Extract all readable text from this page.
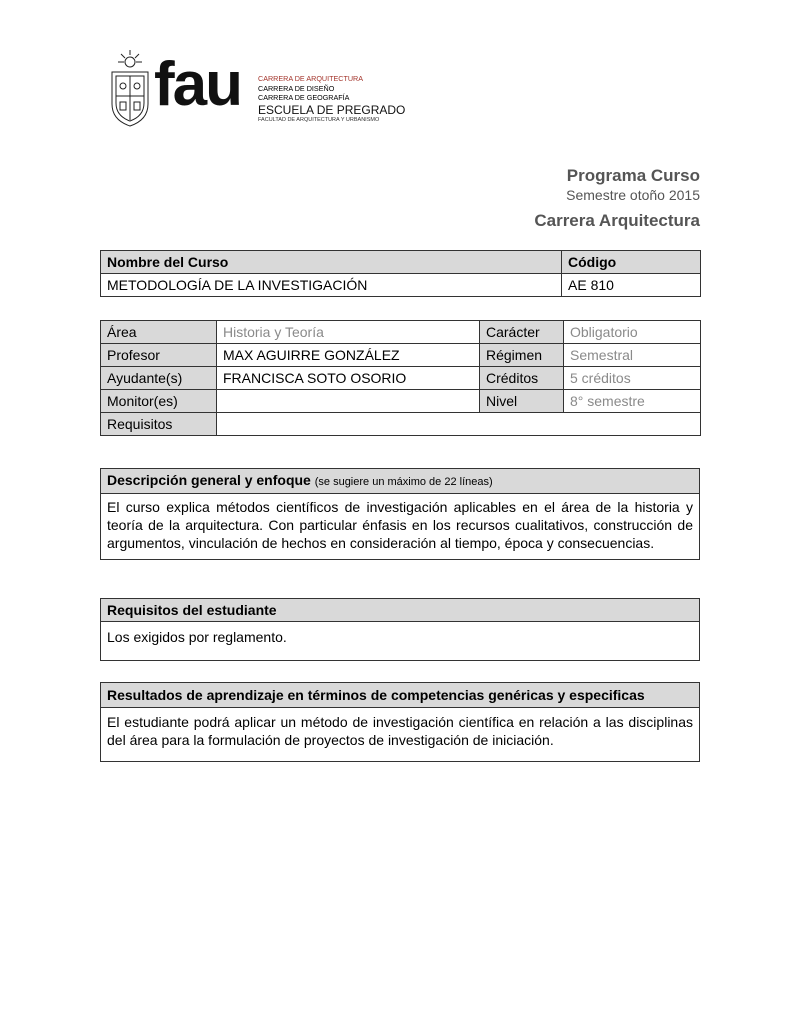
fau CARRERA DE ARQUITECTURA
CARRERA DE DISEÑO
CARRERA DE GEOGRAFÍA
ESCUELA DE PREGRADO
FACULTAD DE ARQUITECTURA Y URBANISMO
Programa Curso
Semestre otoño 2015
Carrera Arquitectura
Nombre del Curso	Código
METODOLOGÍA DE LA INVESTIGACIÓN	AE 810
Área	Historia y Teoría	Carácter	Obligatorio
Profesor	MAX AGUIRRE GONZÁLEZ	Régimen	Semestral
Ayudante(s)	FRANCISCA SOTO OSORIO	Créditos	5 créditos
Monitor(es)		Nivel	8° semestre
Requisitos			
Descripción general y enfoque (se sugiere un máximo de 22 líneas)
El curso explica métodos científicos de investigación aplicables en el área de la historia y teoría de la arquitectura. Con particular énfasis en los recursos cualitativos, construcción de argumentos, vinculación de hechos en consideración al tiempo, época y consecuencias.
Requisitos del estudiante
Los exigidos por reglamento.
Resultados de aprendizaje en términos de competencias genéricas y especificas
El estudiante podrá aplicar un método de investigación científica en relación a las disciplinas del área para la formulación de proyectos de investigación de iniciación.
